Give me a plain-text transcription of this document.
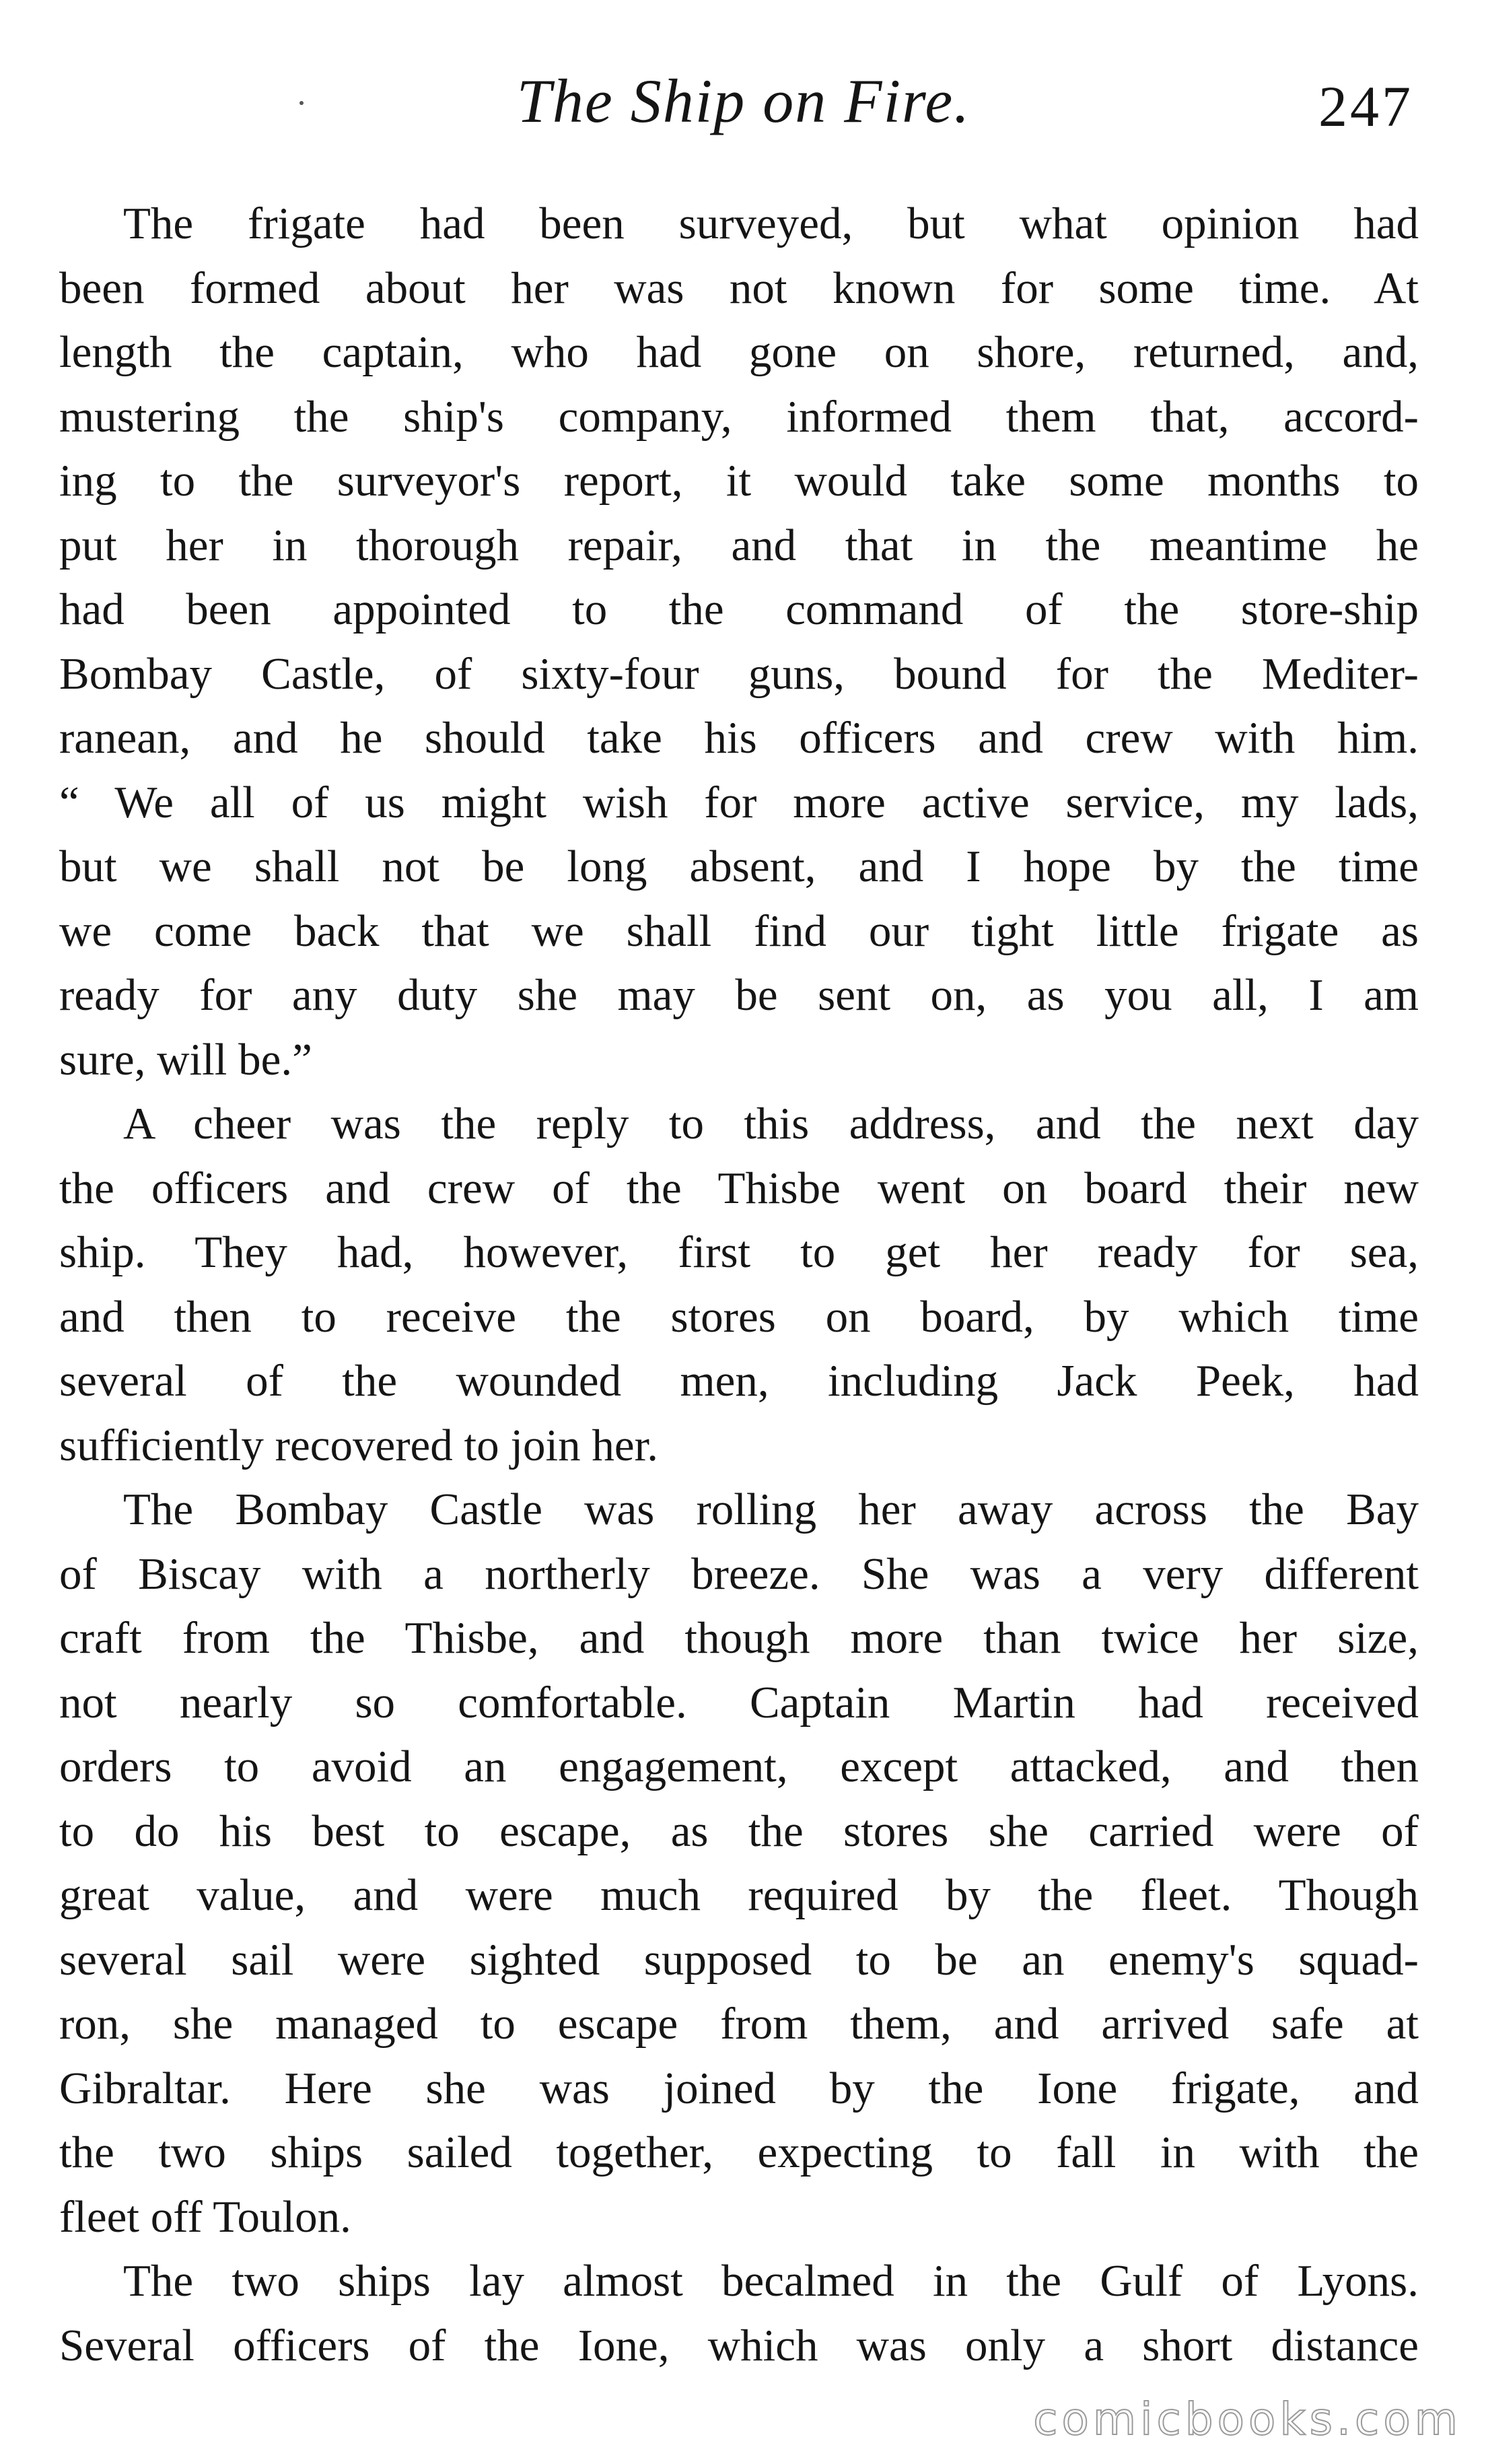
The Ship on Fire.	247
The frigate had been surveyed, but what opinion had
been formed about her was not known for some time. At
length the captain, who had gone on shore, returned, and,
mustering the ship's company, informed them that, accord-
ing to the surveyor's report, it would take some months to
put her in thorough repair, and that in the meantime he
had been appointed to the command of the store-ship
Bombay Castle, of sixty-four guns, bound for the Mediter-
ranean, and he should take his officers and crew with him.
“ We all of us might wish for more active service, my lads,
but we shall not be long absent, and I hope by the time
we come back that we shall find our tight little frigate as
ready for any duty she may be sent on, as you all, I am
sure, will be.”
A cheer was the reply to this address, and the next day
the officers and crew of the Thisbe went on board their new
ship. They had, however, first to get her ready for sea,
and then to receive the stores on board, by which time
several of the wounded men, including Jack Peek, had
sufficiently recovered to join her.
The Bombay Castle was rolling her away across the Bay
of Biscay with a northerly breeze. She was a very different
craft from the Thisbe, and though more than twice her size,
not nearly so comfortable. Captain Martin had received
orders to avoid an engagement, except attacked, and then
to do his best to escape, as the stores she carried were of
great value, and were much required by the fleet. Though
several sail were sighted supposed to be an enemy's squad-
ron, she managed to escape from them, and arrived safe at
Gibraltar. Here she was joined by the Ione frigate, and
the two ships sailed together, expecting to fall in with the
fleet off Toulon.
The two ships lay almost becalmed in the Gulf of Lyons.
Several officers of the Ione, which was only a short distance
comicbooks.com
